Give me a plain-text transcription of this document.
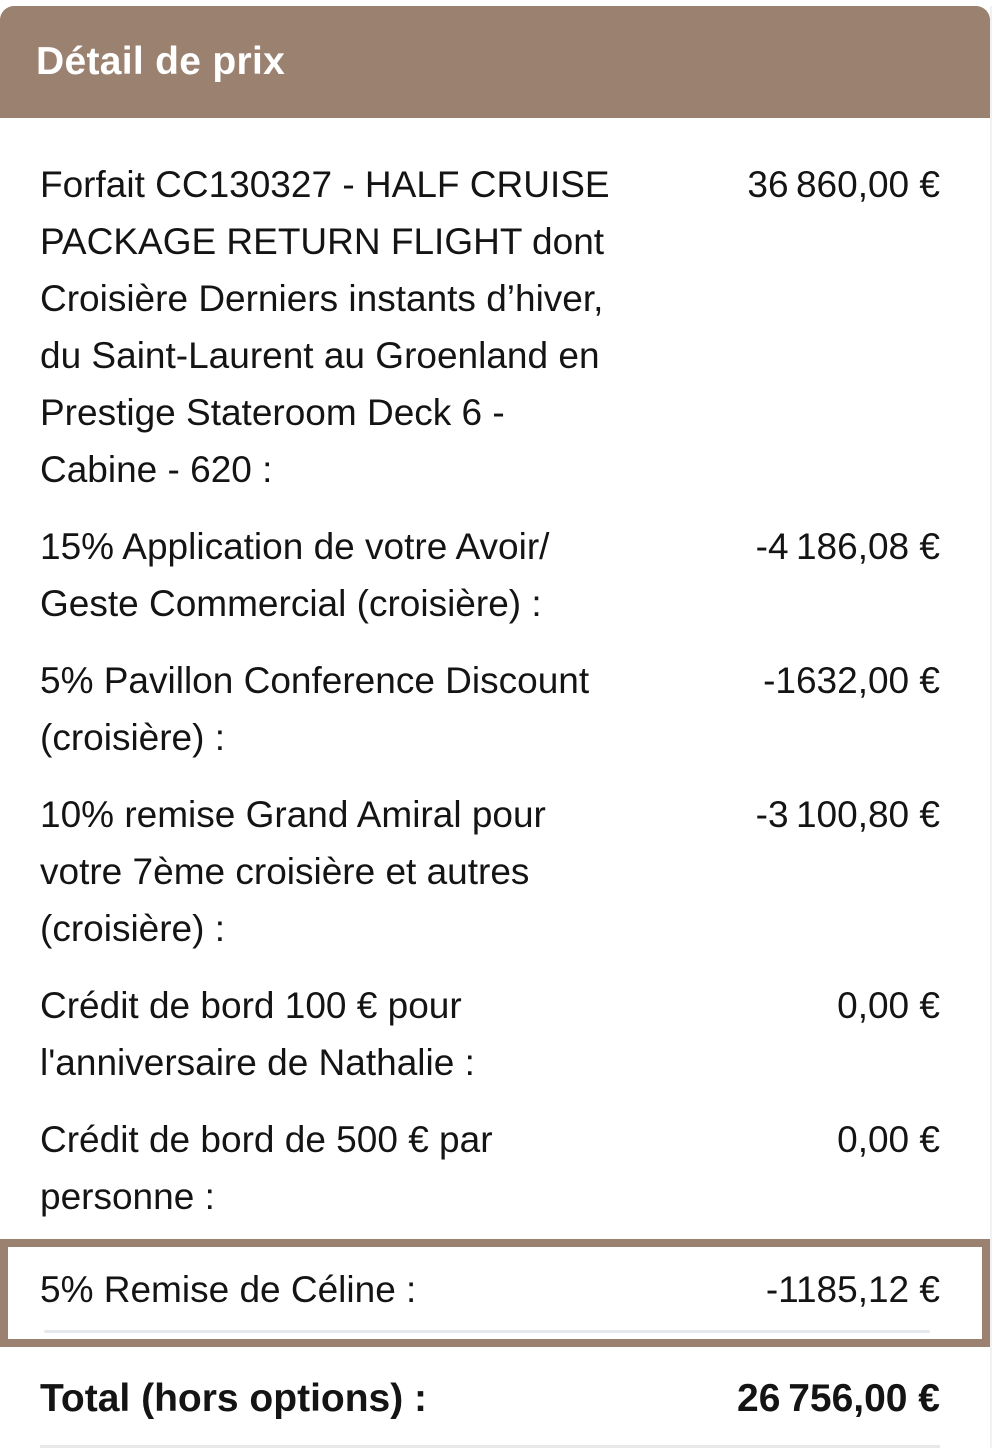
Détail de prix
Forfait CC130327 - HALF CRUISE PACKAGE RETURN FLIGHT dont Croisière Derniers instants d’hiver, du Saint-Laurent au Groenland en Prestige Stateroom Deck 6 - Cabine - 620 :
36 860,00 €
15% Application de votre Avoir/ Geste Commercial (croisière) :
-4 186,08 €
5% Pavillon Conference Discount (croisière) :
-1632,00 €
10% remise Grand Amiral pour votre 7ème croisière et autres (croisière) :
-3 100,80 €
Crédit de bord 100 € pour l'anniversaire de Nathalie :
0,00 €
Crédit de bord de 500 € par personne :
0,00 €
5% Remise de Céline :	-1185,12 €
Total (hors options) :	26 756,00 €
